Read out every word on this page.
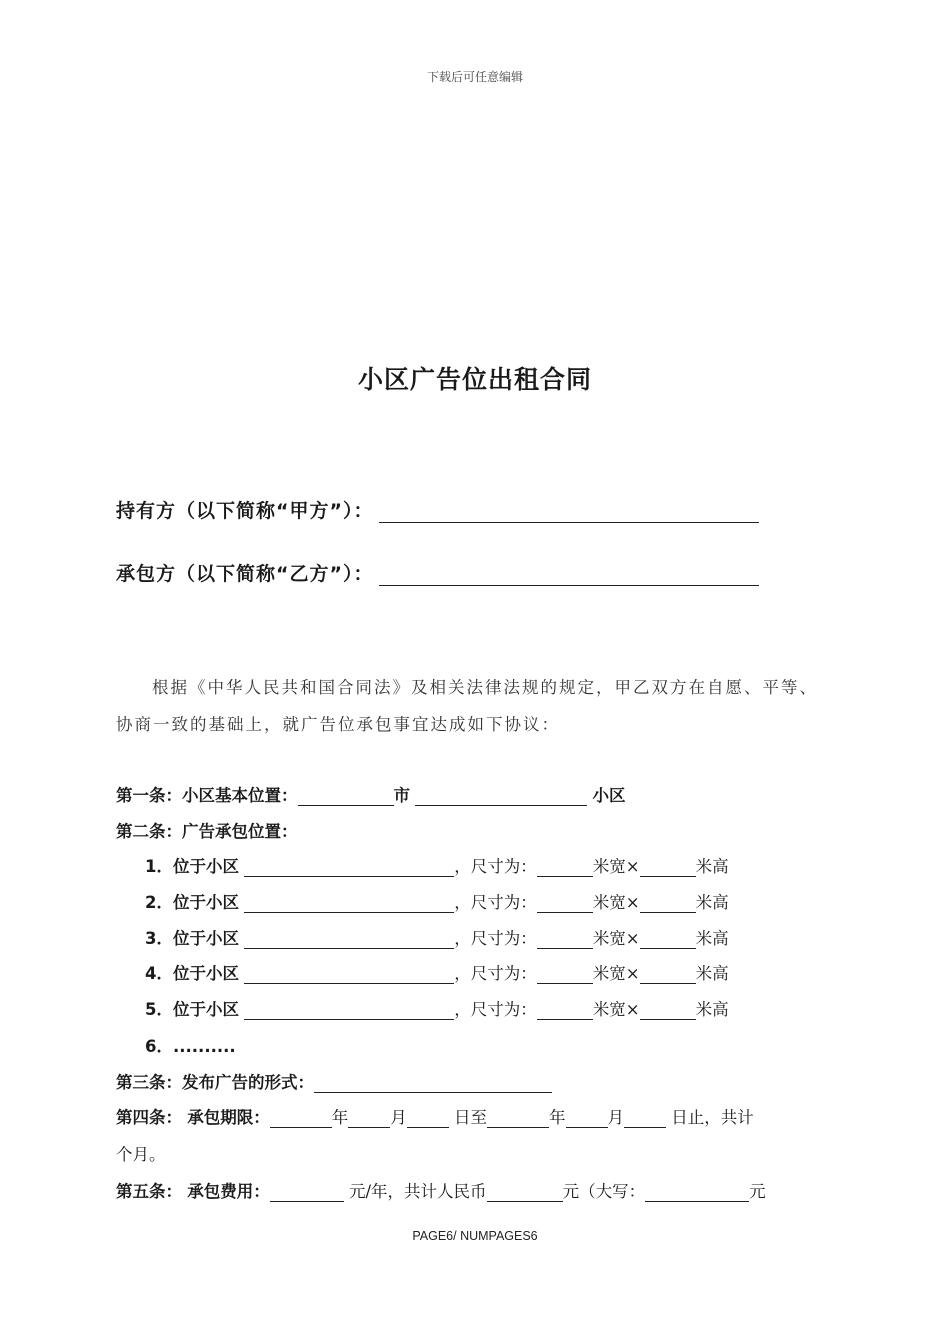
下载后可任意编辑
小区广告位出租合同
持有方（以下简称“甲方”）：
承包方（以下简称“乙方”）：
根据《中华人民共和国合同法》及相关法律法规的规定，甲乙双方在自愿、平等、
协商一致的基础上，就广告位承包事宜达成如下协议：
第一条：小区基本位置：	市	小区
第二条：广告承包位置：
1．位于小区	，尺寸为：	米宽×	米高
2．位于小区	，尺寸为：	米宽×	米高
3．位于小区	，尺寸为：	米宽×	米高
4．位于小区	，尺寸为：	米宽×	米高
5．位于小区	，尺寸为：	米宽×	米高
6．..........
第三条：发布广告的形式：
第四条： 承包期限：	年	月	日至	年	月	日止，共计
个月。
第五条： 承包费用：	元/年，共计人民币	元（大写：	元
PAGE6/ NUMPAGES6
